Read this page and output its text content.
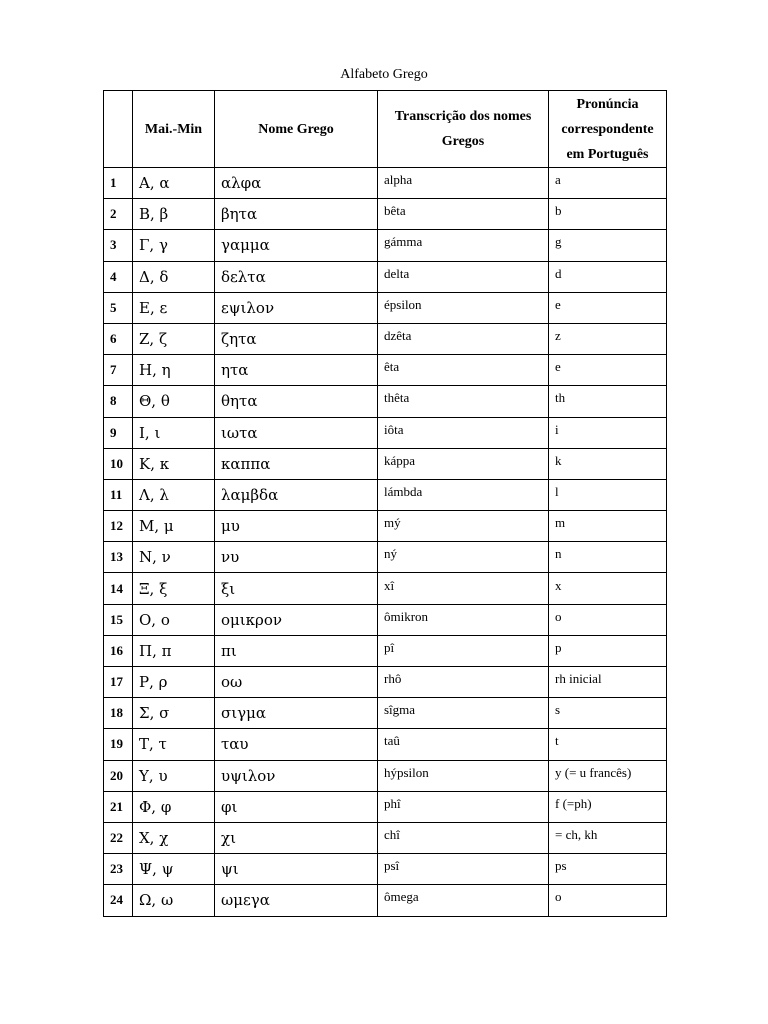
Alfabeto Grego
	Mai.-Min	Nome Grego	Transcrição dos nomes Gregos	Pronúncia correspondente em Português
1	Α, α	αλφα	alpha	a
2	Β, β	βητα	bêta	b
3	Γ, γ	γαμμα	gámma	g
4	Δ, δ	δελτα	delta	d
5	Ε, ε	εψιλον	épsilon	e
6	Ζ, ζ	ζητα	dzêta	z
7	Η, η	ητα	êta	e
8	Θ, θ	θητα	thêta	th
9	Ι, ι	ιωτα	iôta	i
10	Κ, κ	καππα	káppa	k
11	Λ, λ	λαμβδα	lámbda	l
12	Μ, μ	μυ	mý	m
13	Ν, ν	νυ	ný	n
14	Ξ, ξ	ξι	xî	x
15	Ο, ο	ομικρον	ômikron	o
16	Π, π	πι	pî	p
17	Ρ, ρ	οω	rhô	rh inicial
18	Σ, σ	σιγμα	sîgma	s
19	Τ, τ	ταυ	taû	t
20	Υ, υ	υψιλον	hýpsilon	y (= u francês)
21	Φ, φ	φι	phî	f (=ph)
22	Χ, χ	χι	chî	= ch, kh
23	Ψ, ψ	ψι	psî	ps
24	Ω, ω	ωμεγα	ômega	o
